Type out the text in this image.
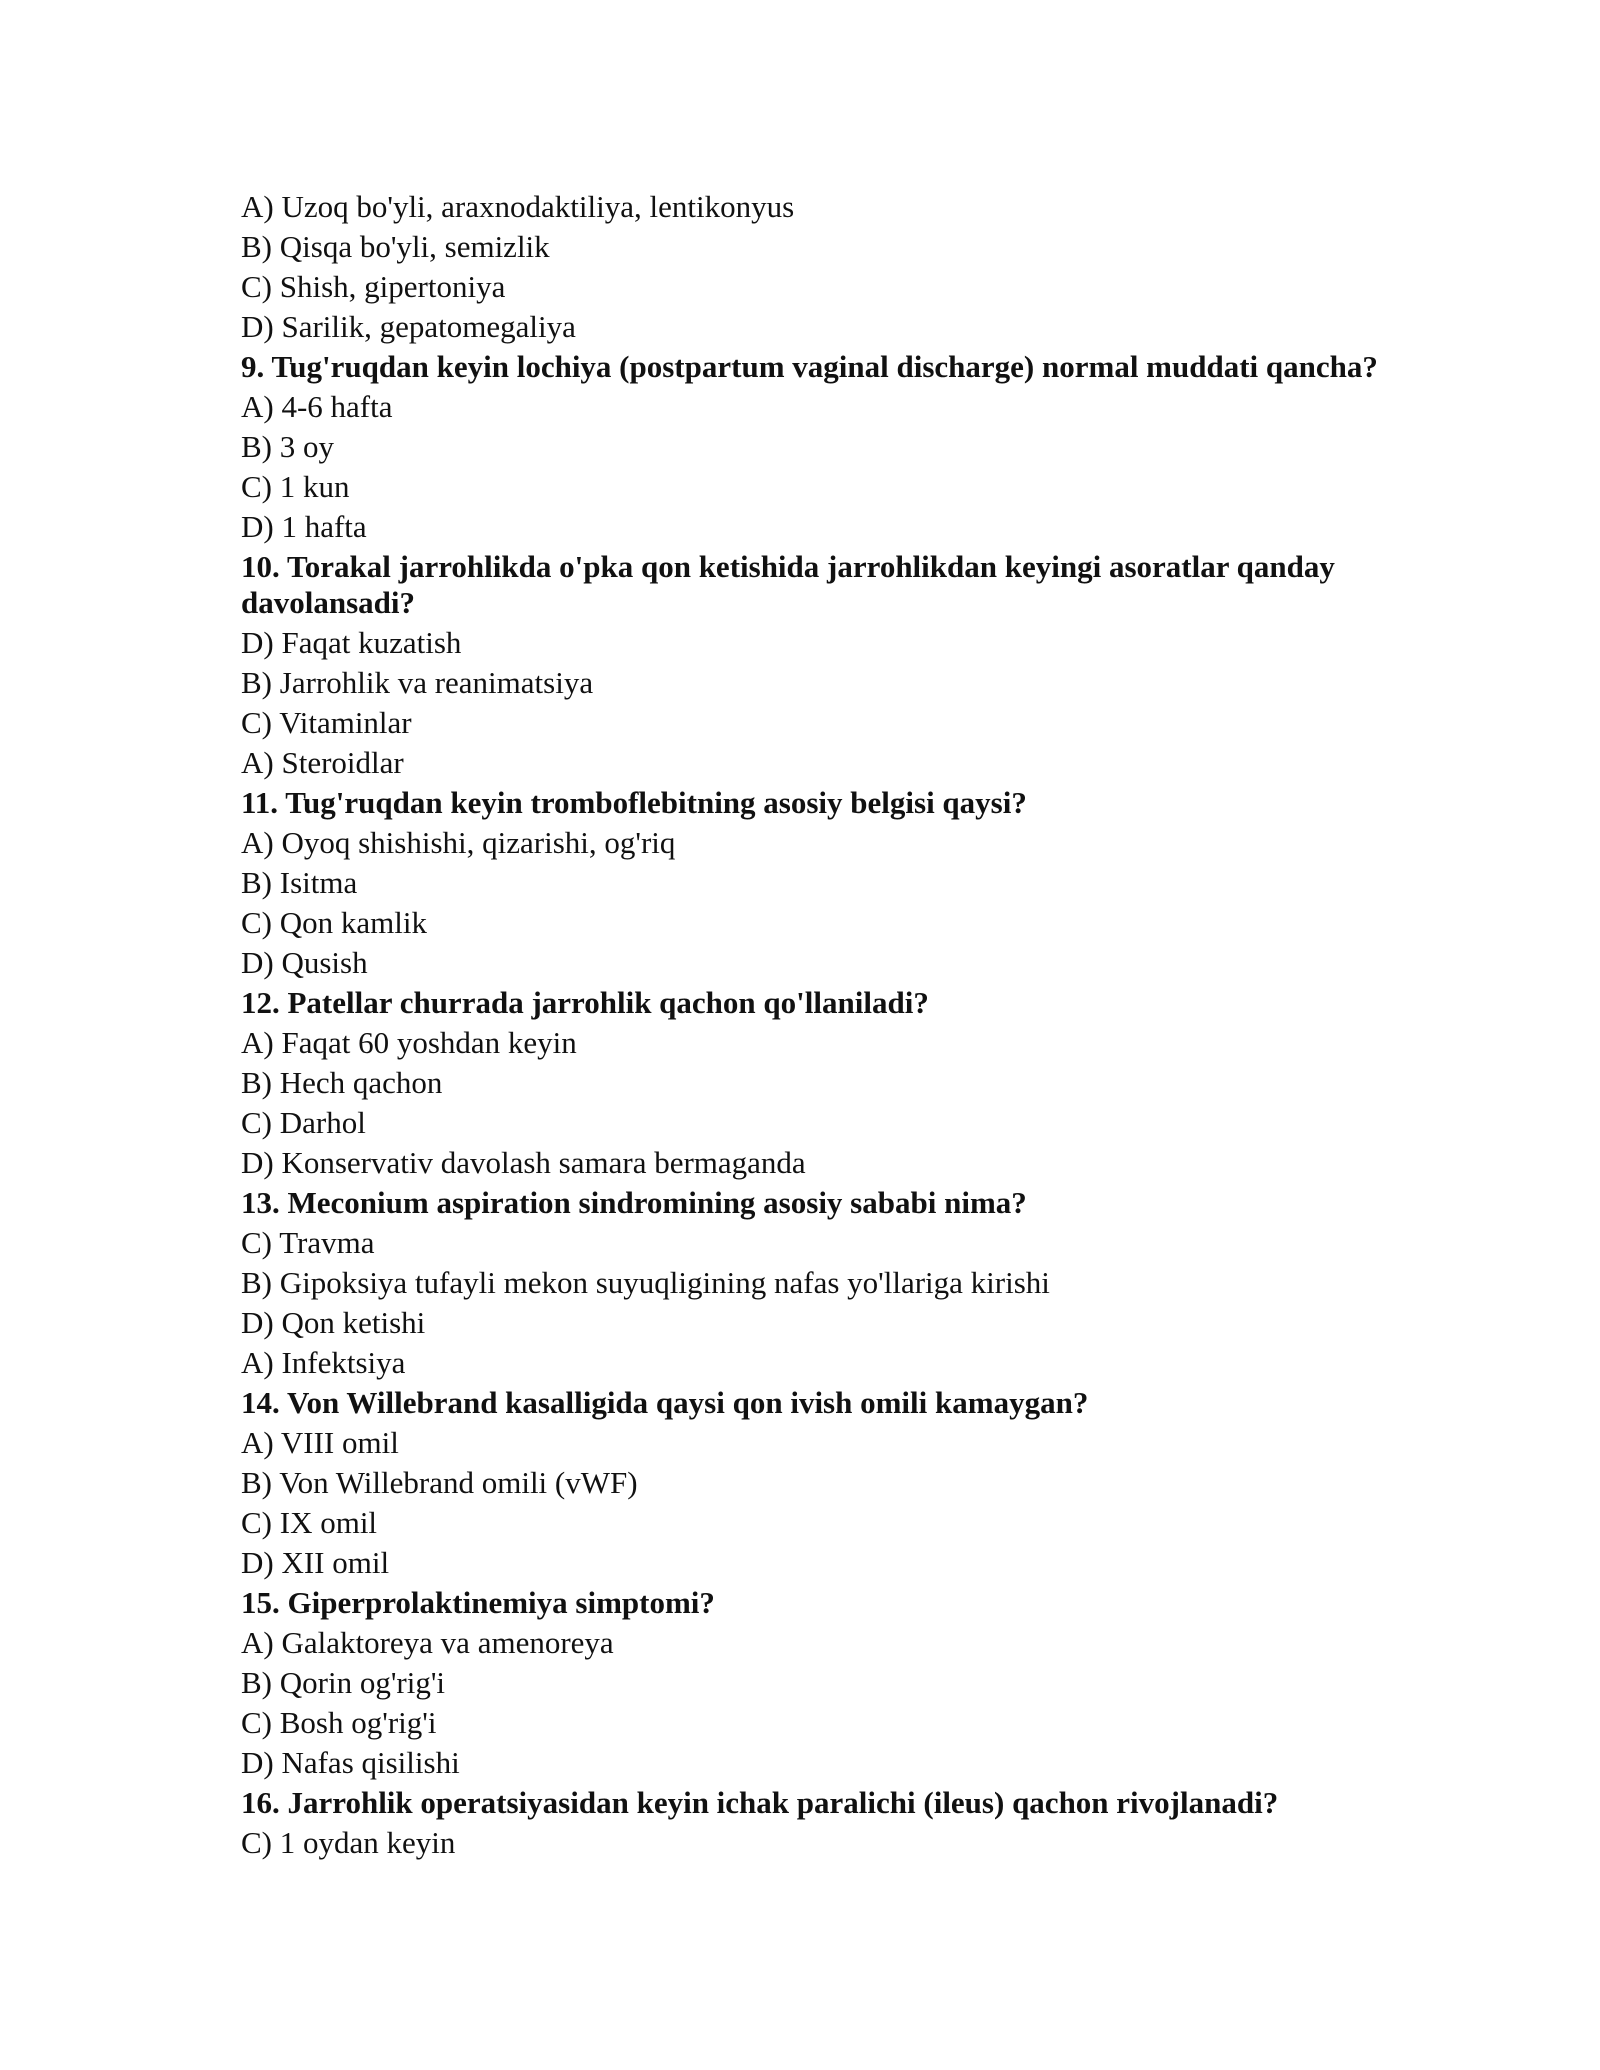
A) Uzoq bo'yli, araxnodaktiliya, lentikonyus
B) Qisqa bo'yli, semizlik
C) Shish, gipertoniya
D) Sarilik, gepatomegaliya
9. Tug'ruqdan keyin lochiya (postpartum vaginal discharge) normal muddati qancha?
A) 4-6 hafta
B) 3 oy
C) 1 kun
D) 1 hafta
10. Torakal jarrohlikda o'pka qon ketishida jarrohlikdan keyingi asoratlar qanday davolansadi?
D) Faqat kuzatish
B) Jarrohlik va reanimatsiya
C) Vitaminlar
A) Steroidlar
11. Tug'ruqdan keyin tromboflebitning asosiy belgisi qaysi?
A) Oyoq shishishi, qizarishi, og'riq
B) Isitma
C) Qon kamlik
D) Qusish
12. Patellar churrada jarrohlik qachon qo'llaniladi?
A) Faqat 60 yoshdan keyin
B) Hech qachon
C) Darhol
D) Konservativ davolash samara bermaganda
13. Meconium aspiration sindromining asosiy sababi nima?
C) Travma
B) Gipoksiya tufayli mekon suyuqligining nafas yo'llariga kirishi
D) Qon ketishi
A) Infektsiya
14. Von Willebrand kasalligida qaysi qon ivish omili kamaygan?
A) VIII omil
B) Von Willebrand omili (vWF)
C) IX omil
D) XII omil
15. Giperprolaktinemiya simptomi?
A) Galaktoreya va amenoreya
B) Qorin og'rig'i
C) Bosh og'rig'i
D) Nafas qisilishi
16. Jarrohlik operatsiyasidan keyin ichak paralichi (ileus) qachon rivojlanadi?
C) 1 oydan keyin
